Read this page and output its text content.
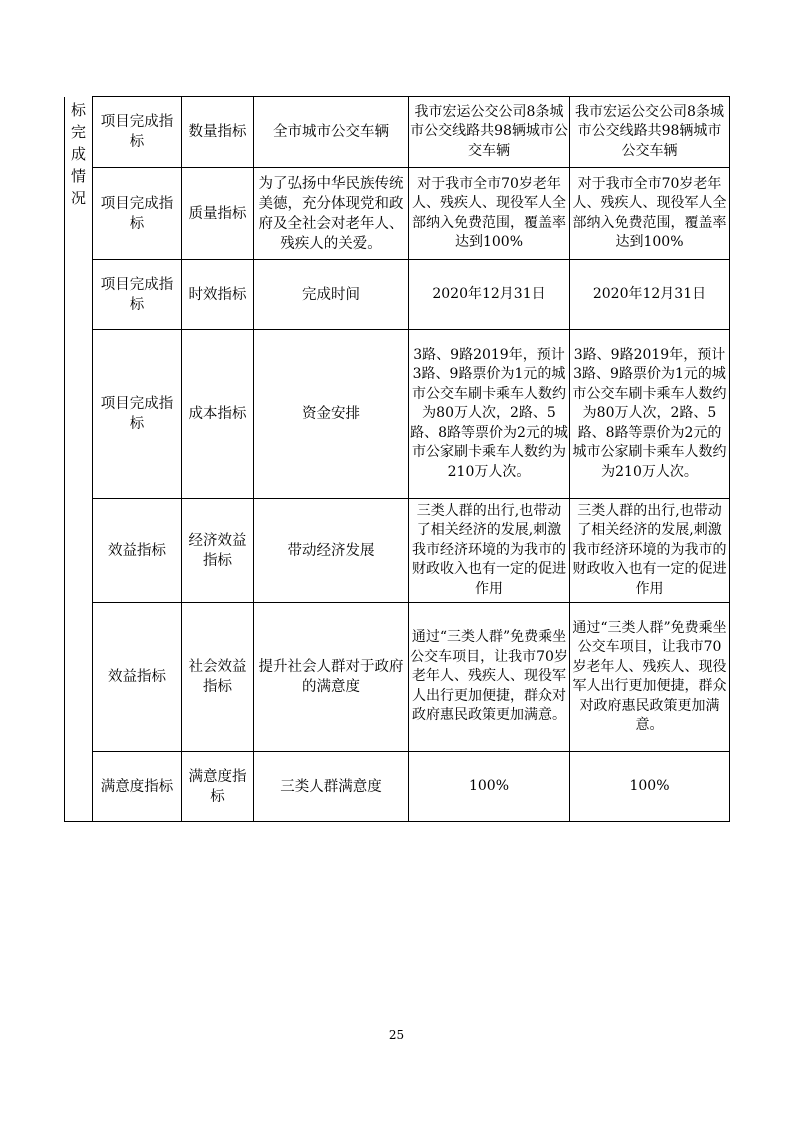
标完成情况	项目完成指标	数量指标	全市城市公交车辆	我市宏运公交公司8条城市公交线路共98辆城市公交车辆	我市宏运公交公司8条城市公交线路共98辆城市公交车辆
	项目完成指标	质量指标	为了弘扬中华民族传统美德，充分体现党和政府及全社会对老年人、残疾人的关爱。	对于我市全市70岁老年人、残疾人、现役军人全部纳入免费范围，覆盖率达到100%	对于我市全市70岁老年人、残疾人、现役军人全部纳入免费范围，覆盖率达到100%
	项目完成指标	时效指标	完成时间	2020年12月31日	2020年12月31日
	项目完成指标	成本指标	资金安排	3路、9路2019年，预计3路、9路票价为1元的城市公交车刷卡乘车人数约为80万人次，2路、5路、8路等票价为2元的城市公家刷卡乘车人数约为210万人次。	3路、9路2019年，预计3路、9路票价为1元的城市公交车刷卡乘车人数约为80万人次，2路、5路、8路等票价为2元的城市公家刷卡乘车人数约为210万人次。
	效益指标	经济效益指标	带动经济发展	三类人群的出行,也带动了相关经济的发展,刺激我市经济环境的为我市的财政收入也有一定的促进作用	三类人群的出行,也带动了相关经济的发展,刺激我市经济环境的为我市的财政收入也有一定的促进作用
	效益指标	社会效益指标	提升社会人群对于政府的满意度	通过“三类人群”免费乘坐公交车项目，让我市70岁老年人、残疾人、现役军人出行更加便捷，群众对政府惠民政策更加满意。	通过“三类人群”免费乘坐公交车项目，让我市70岁老年人、残疾人、现役军人出行更加便捷，群众对政府惠民政策更加满意。
	满意度指标	满意度指标	三类人群满意度	100%	100%
25
